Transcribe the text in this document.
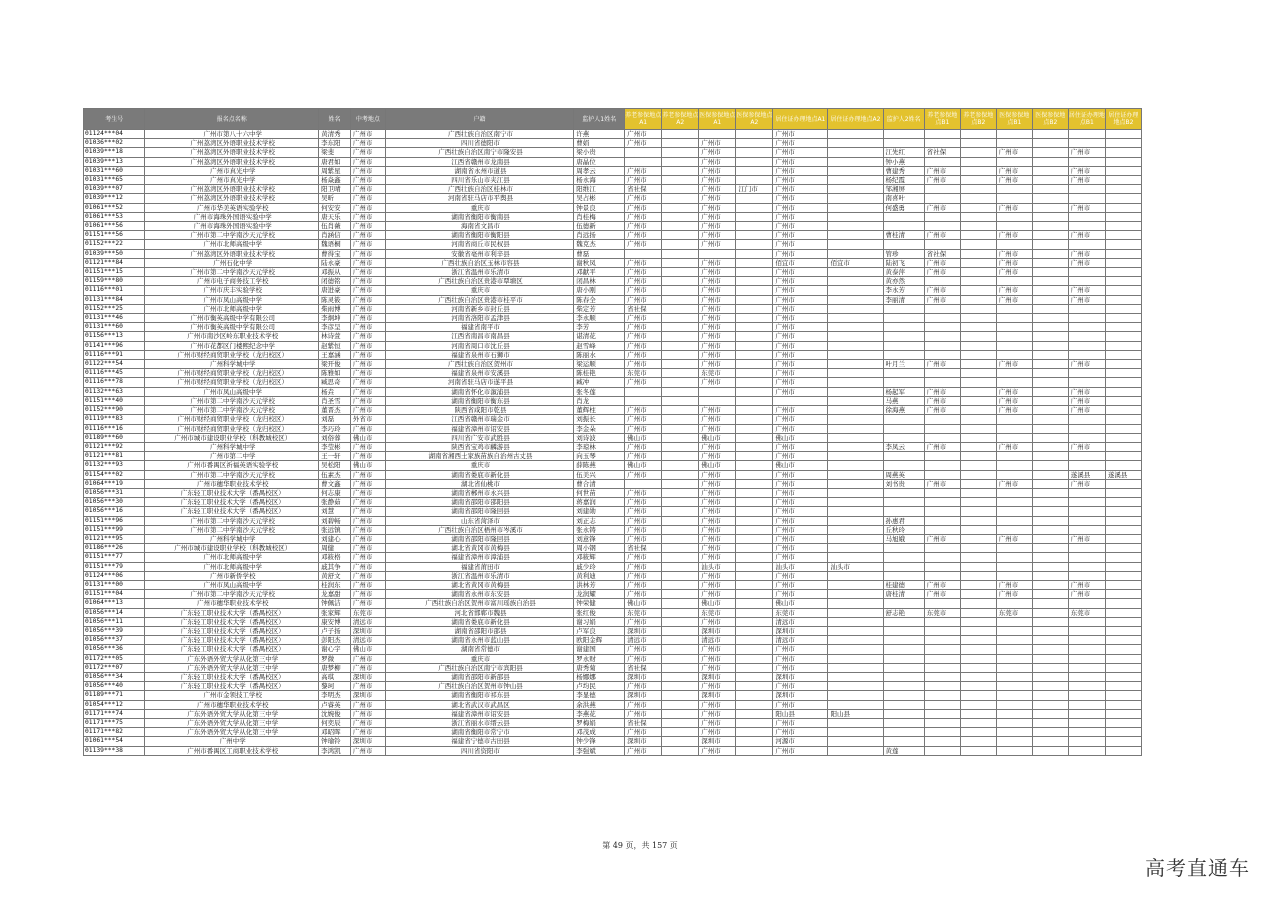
考生号	报名点名称	姓名	中考地点	户籍	监护人1姓名	养老参保地点A1	养老参保地点A2	医保参保地点A1	医保参保地点A2	居住证办理地点A1	居住证办理地点A2	监护人2姓名	养老参保地点B1	养老参保地点B2	医保参保地点B1	医保参保地点B2	居住证办理地点B1	居住证办理地点B2
01124***04	广州市第八十六中学	黄清秀	广州市	广西壮族自治区南宁市	许燕	广州市				广州市								
01036***02	广州荔湾区外语职业技术学校	李东阳	广州市	四川省德阳市	曹娟	广州市		广州市		广州市								
01039***18	广州荔湾区外语职业技术学校	梁斐	广州市	广西壮族自治区南宁市隆安县	梁小贵			广州市		广州市		江先红	省社保		广州市		广州市	
01039***13	广州荔湾区外语职业技术学校	唐君如	广州市	江西省赣州市龙南县	唐晶位			广州市		广州市		钟小燕						
01031***60	广州市真光中学	周紫星	广州市	湖南省永州市道县	周孝云	广州市		广州市		广州市		曹建秀	广州市		广州市		广州市	
01031***65	广州市真光中学	杨焱鑫	广州市	四川省乐山市夹江县	杨永海	广州市		广州市		广州市		杨纪霞	广州市		广州市		广州市	
01039***07	广州荔湾区外语职业技术学校	阳卫晴	广州市	广西壮族自治区桂林市	阳维江	省社保		广州市	江门市	广州市		邹湘屏						
01039***12	广州荔湾区外语职业技术学校	吴昕	广州市	河南省驻马店市平舆县	吴占彬	广州市		广州市		广州市		南喜叶						
01061***52	广州市华美英语实验学校	何安安	广州市	重庆市	钟景良	广州市		广州市		广州市		何盛勇	广州市		广州市		广州市	
01061***53	广州市海珠外国语实验中学	唐天乐	广州市	湖南省衡阳市衡南县	肖桂梅	广州市		广州市		广州市								
01061***56	广州市海珠外国语实验中学	伍肖薇	广州市	海南省文昌市	伍德新	广州市		广州市		广州市								
01151***56	广州市第二中学南沙天元学校	肖涵信	广州市	湖南省衡阳市衡阳县	肖远扬	广州市		广州市		广州市		曹桂清	广州市		广州市		广州市	
01152***22	广州市北师高级中学	魏语桐	广州市	河南省商丘市民权县	魏克杰	广州市		广州市		广州市								
01039***50	广州荔湾区外语职业技术学校	曹得宝	广州市	安徽省亳州市利辛县	曹磊					广州市		管珍	省社保		广州市		广州市	
01121***84	广州石化中学	陆永豪	广州市	广西壮族自治区玉林市容县	谢秋凤	广州市		广州市		佰宜市	佰宜市	陆初飞	广州市		广州市		广州市	
01151***15	广州市第二中学南沙天元学校	邓振从	广州市	浙江省温州市乐清市	邓献平	广州市		广州市		广州市		黄泰萍	广州市		广州市			
01159***80	广州市电子商务技工学校	闭德铭	广州市	广西壮族自治区贵港市覃塘区	闭昌林	广州市		广州市		广州市		黄亦然						
01116***01	广州市庆丰实验学校	唐进豪	广州市	重庆市	唐小刚	广州市		广州市		广州市		李永芳	广州市		广州市		广州市	
01131***84	广州市凤山高级中学	陈灵筱	广州市	广西壮族自治区贵港市桂平市	陈春全	广州市		广州市		广州市		李丽清	广州市		广州市		广州市	
01152***25	广州市北师高级中学	柴雨博	广州市	河南省新乡市封丘县	柴定芳	省社保		广州市		广州市								
01131***46	广州市衡英高级中学有限公司	李炯坤	广州市	河南省洛阳市孟津县	李永顺	广州市		广州市		广州市								
01131***60	广州市衡英高级中学有限公司	李彦呈	广州市	福建省南平市	李芳	广州市		广州市		广州市								
01156***13	广州市南沙区岭东职业技术学校	林诗萱	广州市	江西省南昌市南昌县	谌清花	广州市		广州市		广州市								
01141***96	广州市花都区门楼熙纪念中学	赵紫恒	广州市	河南省周口市沈丘县	赵雪峰	广州市		广州市		广州市								
01116***91	广州市财经商贸职业学校（龙归校区）	王嘉涵	广州市	福建省泉州市石狮市	陈丽水	广州市		广州市		广州市								
01122***54	广州科学城中学	梁开俊	广州市	广西壮族自治区贺州市	梁运顺	广州市		广州市		广州市		叶月兰	广州市		广州市		广州市	
01116***45	广州市财经商贸职业学校（龙归校区）	陈雅如	广州市	福建省泉州市安溪县	陈桂艳	东莞市		东莞市		广州市								
01116***78	广州市财经商贸职业学校（龙归校区）	臧思奇	广州市	河南省驻马店市遂平县	臧冲	广州市		广州市		广州市								
01132***63	广州市凤山高级中学	杨垚	广州市	湖南省怀化市溆浦县	张冬莲					广州市		杨起军	广州市		广州市		广州市	
01151***40	广州市第二中学南沙天元学校	肖圣雪	广州市	湖南省衡阳市衡东县	肖龙							马燕	广州市		广州市		广州市	
01152***90	广州市第二中学南沙天元学校	董晋杰	广州市	陕西省咸阳市乾县	董辉柱	广州市		广州市		广州市		徐海燕	广州市		广州市		广州市	
01119***83	广州市财经商贸职业学校（龙归校区）	刘磊	外省市	江西省赣州市瑞金市	刘振长	广州市		广州市		广州市								
01116***16	广州市财经商贸职业学校（龙归校区）	李巧玲	广州市	福建省漳州市诏安县	李金朵	广州市		广州市		广州市								
01189***60	广州市城市建设职业学校（科教城校区）	刘俗蓉	佛山市	四川省广安市武胜县	刘诗波	佛山市		佛山市		佛山市								
01121***92	广州科学城中学	李莹彬	广州市	陕西省宝鸡市麟游县	李琼林	广州市		广州市		广州市		李凤云	广州市		广州市		广州市	
01121***81	广州市第二中学	王一轩	广州市	湖南省湘西土家族苗族自治州古丈县	向玉琴	广州市		广州市		广州市								
01132***93	广州市番禺区祈福英语实验学校	吴松阳	佛山市	重庆市	薛陈燕	佛山市		佛山市		佛山市								
01154***02	广州市第二中学南沙天元学校	伍素杰	广州市	湖南省娄底市新化县	伍美兴	广州市		广州市		广州市		周燕英					遂溪县	遂溪县
01064***19	广州市穗华职业技术学校	曹文鑫	广州市	湖北省仙桃市	曹合清			广州市		广州市		刘书贵	广州市		广州市		广州市	
01056***31	广东轻工职业技术大学（番禺校区）	何志康	广州市	湖南省郴州市永兴县	何世苗	广州市		广州市		广州市								
01056***30	广东轻工职业技术大学（番禺校区）	张静茹	广州市	湖南省邵阳市邵阳县	蒋嘉润	广州市		广州市		广州市								
01056***16	广东轻工职业技术大学（番禺校区）	刘慧	广州市	湖南省邵阳市隆回县	刘建勋	广州市		广州市		广州市								
01151***96	广州市第二中学南沙天元学校	刘碧畅	广州市	山东省菏泽市	刘正志	广州市		广州市		广州市		孙惠君						
01151***99	广州市第二中学南沙天元学校	张远镇	广州市	广西壮族自治区梧州市岑溪市	张永铸	广州市		广州市		广州市		丘秋玲						
01121***95	广州科学城中学	刘建心	广州市	湖南省邵阳市隆回县	刘意锋	广州市		广州市		广州市		马旭娥	广州市		广州市		广州市	
01186***26	广州市城市建设职业学校（科教城校区）	周健	广州市	湖北省黄冈市黄梅县	周小钢	省社保		广州市		广州市								
01151***77	广州市北师高级中学	邓筱格	广州市	福建省漳州市漳浦县	邓筱辉	广州市		广州市		广州市								
01151***79	广州市北师高级中学	戚其争	广州市	福建省莆田市	戚少玲	广州市		汕头市		汕头市	汕头市							
01124***06	广州市新侨学校	黄舒文	广州市	浙江省温州市乐清市	黄利迪	广州市		广州市		广州市								
01131***00	广州市凤山高级中学	桂润东	广州市	湖北省黄冈市黄梅县	洪林芳	广州市		广州市		广州市		桂建德	广州市		广州市		广州市	
01151***04	广州市第二中学南沙天元学校	龙嘉甜	广州市	湖南省永州市东安县	龙润耀	广州市		广州市		广州市		唐桂清	广州市		广州市		广州市	
01064***13	广州市穗华职业技术学校	钟佩洁	广州市	广西壮族自治区贺州市富川瑶族自治县	钟荣健	佛山市		佛山市		佛山市								
01056***14	广东轻工职业技术大学（番禺校区）	张家辉	东莞市	河北省邯郸市魏县	张红俊	东莞市		东莞市		东莞市		舒志艳	东莞市		东莞市		东莞市	
01056***11	广东轻工职业技术大学（番禺校区）	康安博	清远市	湖南省娄底市新化县	谢习娟	广州市		广州市		清远市								
01056***39	广东轻工职业技术大学（番禺校区）	卢子扬	深圳市	湖南省邵阳市邵县	卢军良	深圳市		深圳市		深圳市								
01056***37	广东轻工职业技术大学（番禺校区）	彭阳杰	清远市	湖南省永州市蓝山县	欧阳金辉	清远市		清远市		清远市								
01056***36	广东轻工职业技术大学（番禺校区）	谢心宇	佛山市	湖南省常德市	谢建国	广州市		广州市		广州市								
01172***05	广东外语外贸大学从化第三中学	罗微	广州市	重庆市	罗永财	广州市		广州市		广州市								
01172***07	广东外语外贸大学从化第三中学	唐梦柳	广州市	广西壮族自治区南宁市宾阳县	唐秀菊	省社保		广州市		广州市								
01056***34	广东轻工职业技术大学（番禺校区）	高琪	深圳市	湖南省邵阳市新邵县	杨娜娜	深圳市		深圳市		深圳市								
01056***40	广东轻工职业技术大学（番禺校区）	黎珂	广州市	广西壮族自治区贺州市钟山县	卢均民	广州市		广州市		广州市								
01189***71	广州市金领技工学校	李明杰	深圳市	湖南省衡阳市祁东县	李显德	深圳市		深圳市		深圳市								
01054***12	广州市穗华职业技术学校	卢睿英	广州市	湖北省武汉市武昌区	余洪燕	广州市		广州市		广州市								
01171***74	广东外语外贸大学从化第三中学	沈婉俊	广州市	福建省漳州市诏安县	李燕花	广州市		广州市		阳山县	阳山县							
01171***75	广东外语外贸大学从化第三中学	何奕辰	广州市	浙江省丽水市缙云县	罗梅娟	省社保		广州市		广州市								
01171***82	广东外语外贸大学从化第三中学	邓昭晖	广州市	湖南省衡阳市常宁市	邓茂成	广州市		广州市		广州市								
01061***54	广州中学	钟瑜铃	深圳市	福建省宁德市古田县	钟少锋	深圳市		深圳市		河源市								
01139***38	广州市番禺区工商职业技术学校	李鸿凯	广州市	四川省资阳市	李强斌	广州市		广州市		广州市		黄莲						
第 49 页，共 157 页
高考直通车
